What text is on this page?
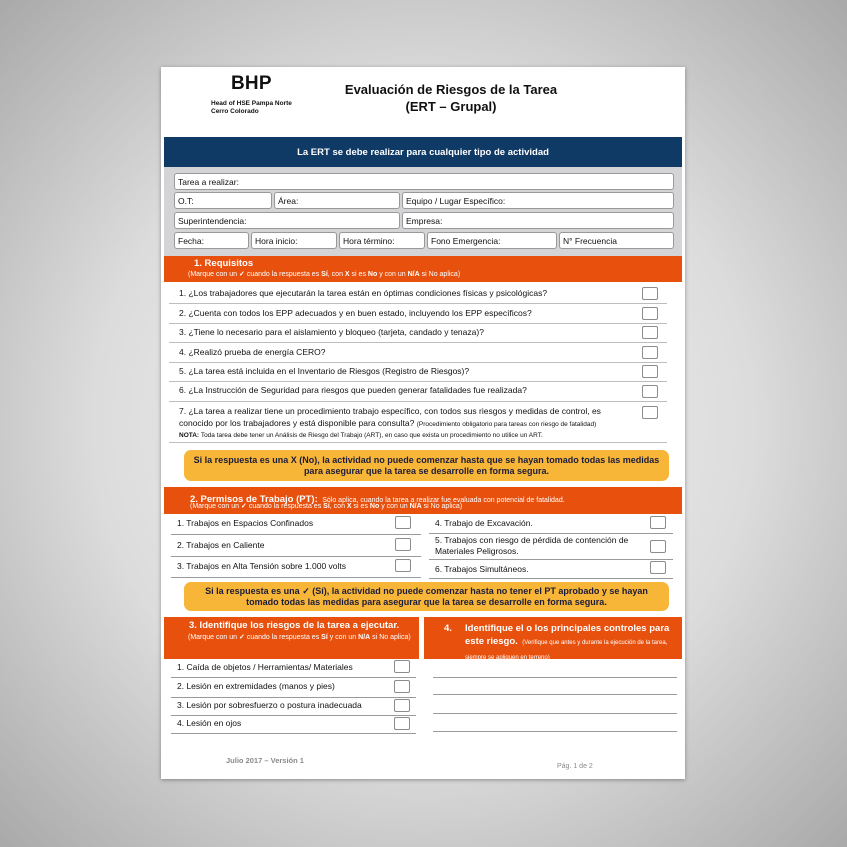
BHP
Head of HSE Pampa Norte
Cerro Colorado
Evaluación de Riesgos de la Tarea
(ERT – Grupal)
La ERT se debe realizar para cualquier tipo de actividad
Tarea a realizar:
O.T:	Área:	Equipo / Lugar Específico:
Superintendencia:	Empresa:
Fecha:	Hora inicio:	Hora término:	Fono Emergencia:	N° Frecuencia
1. Requisitos
(Marque con un ✓ cuando la respuesta es Sí, con X si es No y con un N/A si No aplica)
1. ¿Los trabajadores que ejecutarán la tarea están en óptimas condiciones físicas y psicológicas?
2. ¿Cuenta con todos los EPP adecuados y en buen estado, incluyendo los EPP específicos?
3. ¿Tiene lo necesario para el aislamiento y bloqueo (tarjeta, candado y tenaza)?
4. ¿Realizó prueba de energía CERO?
5. ¿La tarea está incluida en el Inventario de Riesgos (Registro de Riesgos)?
6. ¿La Instrucción de Seguridad para riesgos que pueden generar fatalidades fue realizada?
7. ¿La tarea a realizar tiene un procedimiento trabajo específico, con todos sus riesgos y medidas de control, es
conocido por los trabajadores y está disponible para consulta? (Procedimiento obligatorio para tareas con riesgo de fatalidad)
NOTA: Toda tarea debe tener un Análisis de Riesgo del Trabajo (ART), en caso que exista un procedimiento no utilice un ART.
Si la respuesta es una X (No), la actividad no puede comenzar hasta que se hayan tomado todas las medidas para asegurar que la tarea se desarrolle en forma segura.
2. Permisos de Trabajo (PT): Sólo aplica, cuando la tarea a realizar fue evaluada con potencial de fatalidad.
(Marque con un ✓ cuando la respuesta es Sí, con X si es No y con un N/A si No aplica)
1. Trabajos en Espacios Confinados
2. Trabajos en Caliente
3. Trabajos en Alta Tensión sobre 1.000 volts
4. Trabajo de Excavación.
5. Trabajos con riesgo de pérdida de contención de Materiales Peligrosos.
6. Trabajos Simultáneos.
Si la respuesta es una ✓ (Sí), la actividad no puede comenzar hasta no tener el PT aprobado y se hayan tomado todas las medidas para asegurar que la tarea se desarrolle en forma segura.
3. Identifique los riesgos de la tarea a ejecutar.
(Marque con un ✓ cuando la respuesta es Sí y con un N/A si No aplica)
4. Identifique el o los principales controles para este riesgo. (Verifique que antes y durante la ejecución de la tarea, siempre se apliquen en terreno)
1. Caída de objetos / Herramientas/ Materiales
2. Lesión en extremidades (manos y pies)
3. Lesión por sobresfuerzo o postura inadecuada
4. Lesión en ojos
Julio 2017 – Versión 1
Pág. 1 de 2
